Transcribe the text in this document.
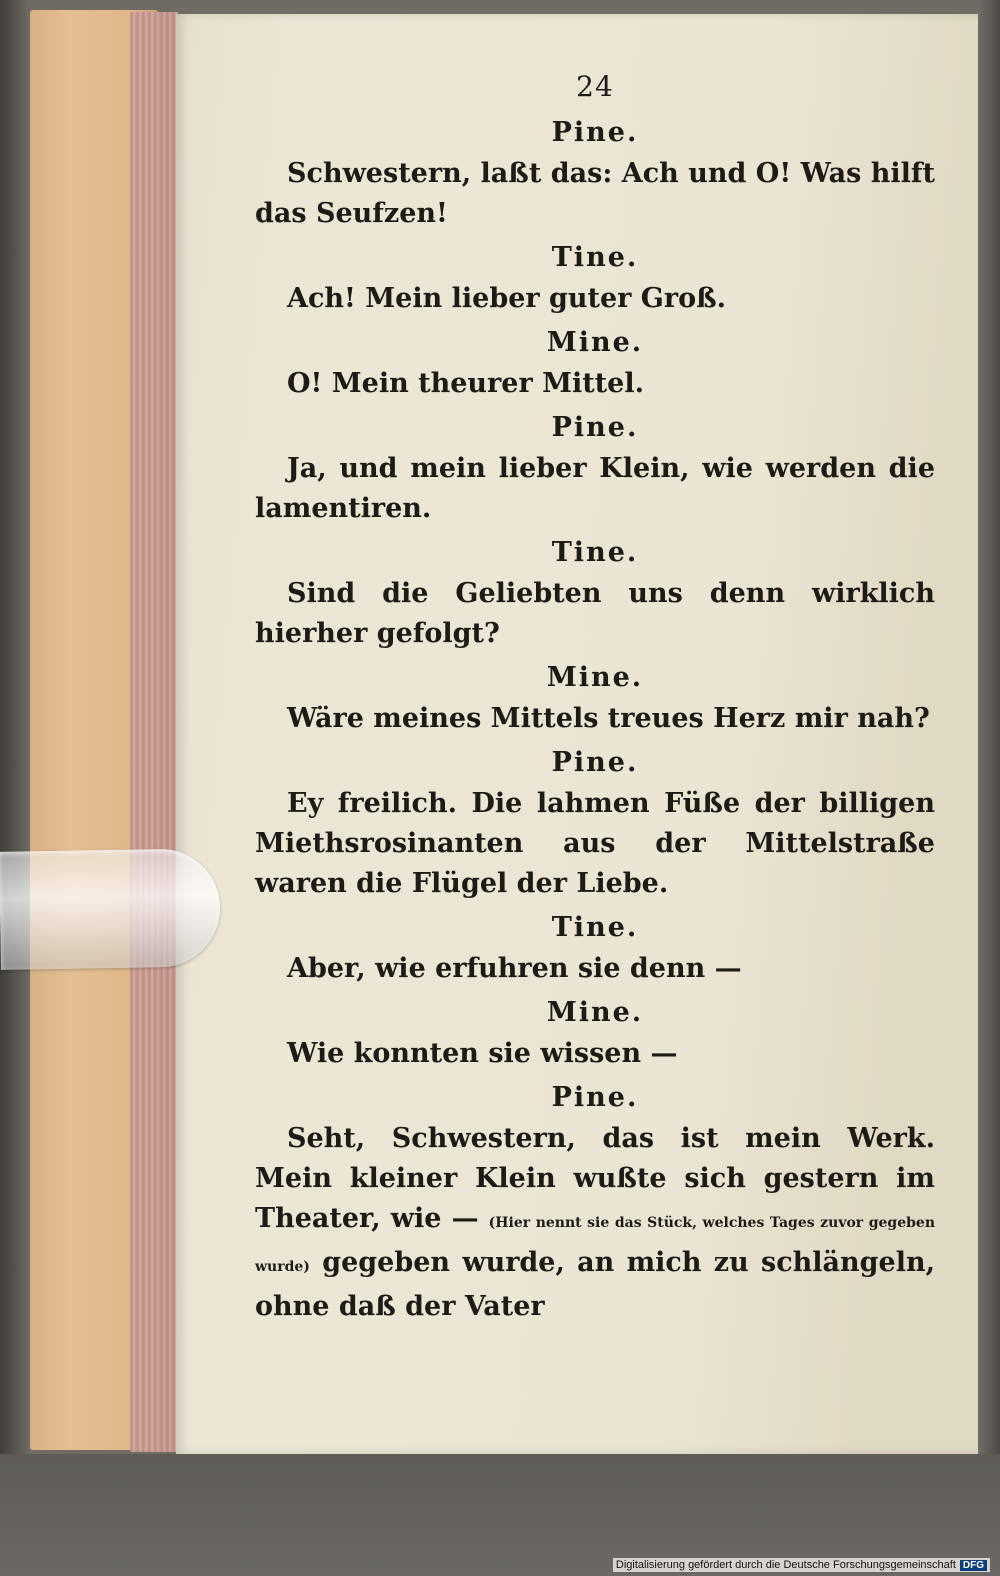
24
Pine.
Schwestern, laßt das: Ach und O! Was hilft das Seufzen!
Tine.
Ach! Mein lieber guter Groß.
Mine.
O! Mein theurer Mittel.
Pine.
Ja, und mein lieber Klein, wie werden die lamentiren.
Tine.
Sind die Geliebten uns denn wirklich hierher gefolgt?
Mine.
Wäre meines Mittels treues Herz mir nah?
Pine.
Ey freilich. Die lahmen Füße der billigen Miethsrosinanten aus der Mittelstraße waren die Flügel der Liebe.
Tine.
Aber, wie erfuhren sie denn —
Mine.
Wie konnten sie wissen —
Pine.
Seht, Schwestern, das ist mein Werk. Mein kleiner Klein wußte sich gestern im Theater, wie — (Hier nennt sie das Stück, welches Tages zuvor gegeben wurde) gegeben wurde, an mich zu schlängeln, ohne daß der Vater
Digitalisierung gefördert durch die Deutsche Forschungsgemeinschaft DFG
